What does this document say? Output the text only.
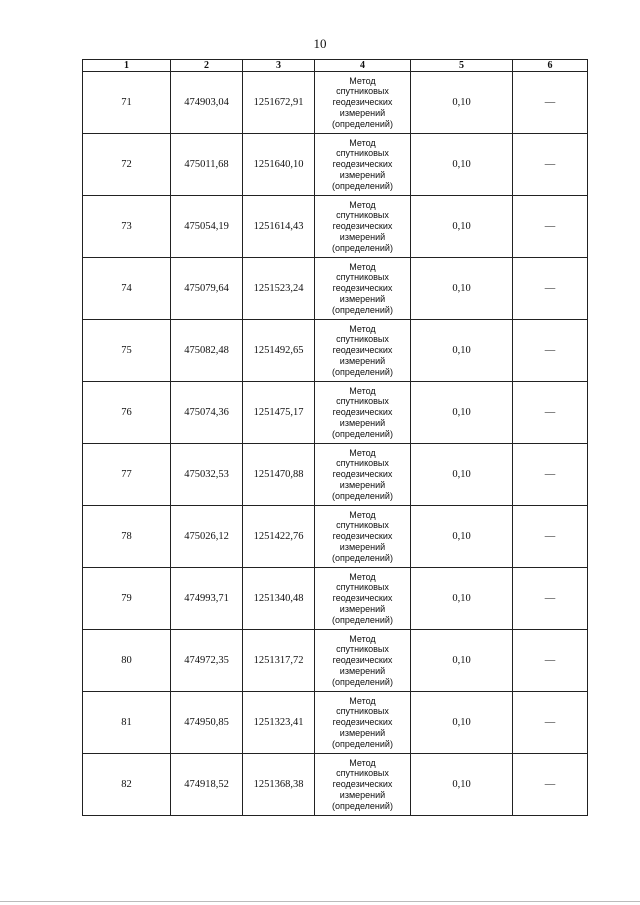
10
1	2	3	4	5	6
71	474903,04	1251672,91	Метод
спутниковых
геодезических
измерений
(определений)	0,10	—
72	475011,68	1251640,10	Метод
спутниковых
геодезических
измерений
(определений)	0,10	—
73	475054,19	1251614,43	Метод
спутниковых
геодезических
измерений
(определений)	0,10	—
74	475079,64	1251523,24	Метод
спутниковых
геодезических
измерений
(определений)	0,10	—
75	475082,48	1251492,65	Метод
спутниковых
геодезических
измерений
(определений)	0,10	—
76	475074,36	1251475,17	Метод
спутниковых
геодезических
измерений
(определений)	0,10	—
77	475032,53	1251470,88	Метод
спутниковых
геодезических
измерений
(определений)	0,10	—
78	475026,12	1251422,76	Метод
спутниковых
геодезических
измерений
(определений)	0,10	—
79	474993,71	1251340,48	Метод
спутниковых
геодезических
измерений
(определений)	0,10	—
80	474972,35	1251317,72	Метод
спутниковых
геодезических
измерений
(определений)	0,10	—
81	474950,85	1251323,41	Метод
спутниковых
геодезических
измерений
(определений)	0,10	—
82	474918,52	1251368,38	Метод
спутниковых
геодезических
измерений
(определений)	0,10	—
